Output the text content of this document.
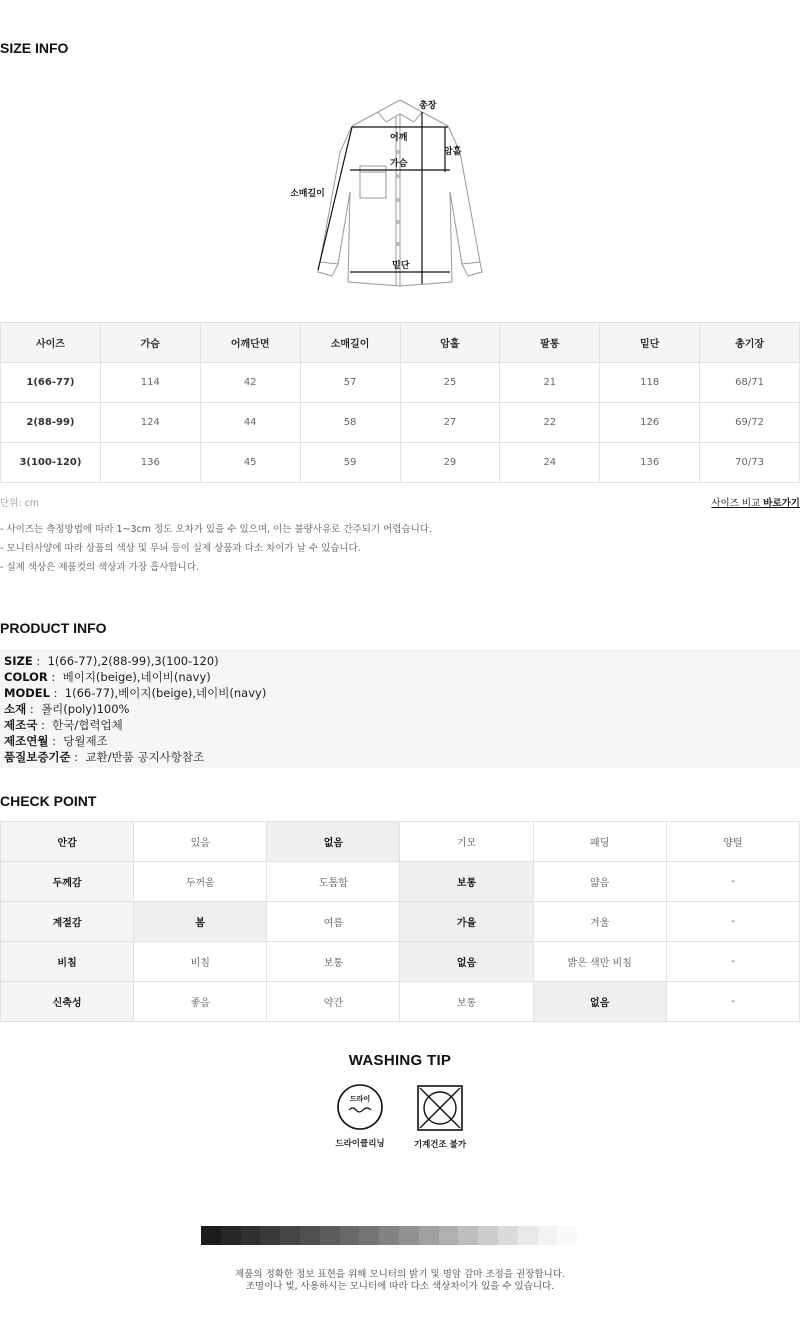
SIZE INFO
총장
어깨
암홀
가슴
소매길이
밑단
사이즈	가슴	어깨단면	소매길이	암홀	팔통	밑단	총기장
1(66-77)	114	42	57	25	21	118	68/71
2(88-99)	124	44	58	27	22	126	69/72
3(100-120)	136	45	59	29	24	136	70/73
단위: cm	사이즈 비교 바로가기
- 사이즈는 측정방법에 따라 1~3cm 정도 오차가 있을 수 있으며, 이는 불량사유로 간주되기 어렵습니다.
- 모니터사양에 따라 상품의 색상 및 무늬 등이 실제 상품과 다소 차이가 날 수 있습니다.
- 실제 색상은 제품컷의 색상과 가장 흡사합니다.
PRODUCT INFO
SIZE :  1(66-77),2(88-99),3(100-120)
COLOR :  베이지(beige),네이비(navy)
MODEL :  1(66-77),베이지(beige),네이비(navy)
소재 :  폴리(poly)100%
제조국 :  한국/협력업체
제조연월 :  당월제조
품질보증기준 :  교환/반품 공지사항참조
CHECK POINT
안감	있음	없음	기모	패딩	양털
두께감	두꺼움	도톰함	보통	얇음	-
계절감	봄	여름	가을	겨울	-
비침	비침	보통	없음	밝은 색만 비침	-
신축성	좋음	약간	보통	없음	-
WASHING TIP
드라이
드라이클리닝	기계건조 불가
제품의 정확한 정보 표현을 위해 모니터의 밝기 및 명암 감마 조정을 권장합니다.
조명이나 빛, 사용하시는 모니터에 따라 다소 색상차이가 있을 수 있습니다.
